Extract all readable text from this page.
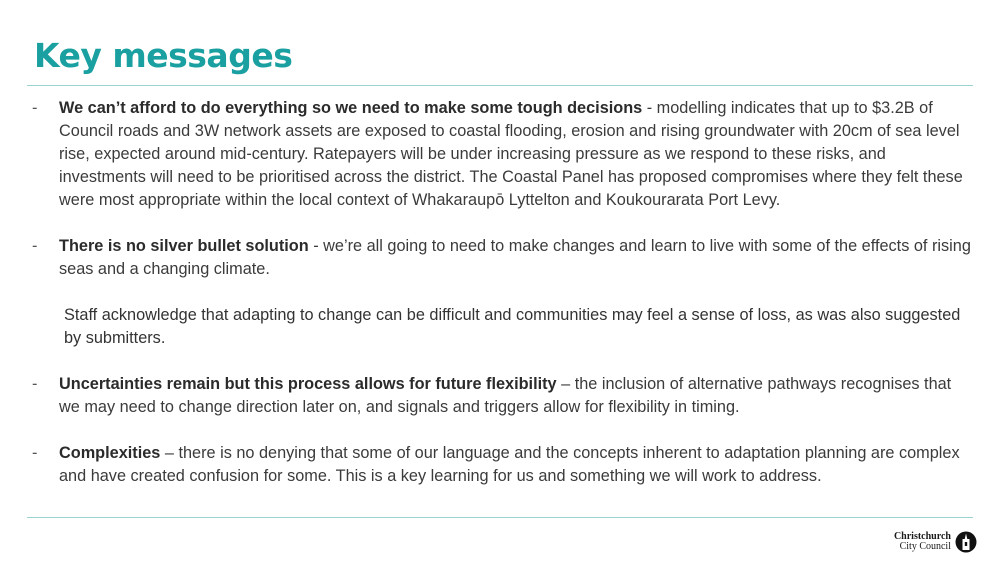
Key messages
-	We can’t afford to do everything so we need to make some tough decisions - modelling indicates that up to $3.2B of Council roads and 3W network assets are exposed to coastal flooding, erosion and rising groundwater with 20cm of sea level rise, expected around mid-century. Ratepayers will be under increasing pressure as we respond to these risks, and investments will need to be prioritised across the district. The Coastal Panel has proposed compromises where they felt these were most appropriate within the local context of Whakaraupō Lyttelton and Koukourarata Port Levy.
-	There is no silver bullet solution - we’re all going to need to make changes and learn to live with some of the effects of rising seas and a changing climate.
Staff acknowledge that adapting to change can be difficult and communities may feel a sense of loss, as was also suggested by submitters.
-	Uncertainties remain but this process allows for future flexibility – the inclusion of alternative pathways recognises that we may need to change direction later on, and signals and triggers allow for flexibility in timing.
-	Complexities – there is no denying that some of our language and the concepts inherent to adaptation planning are complex and have created confusion for some. This is a key learning for us and something we will work to address.
Christchurch
City Council
